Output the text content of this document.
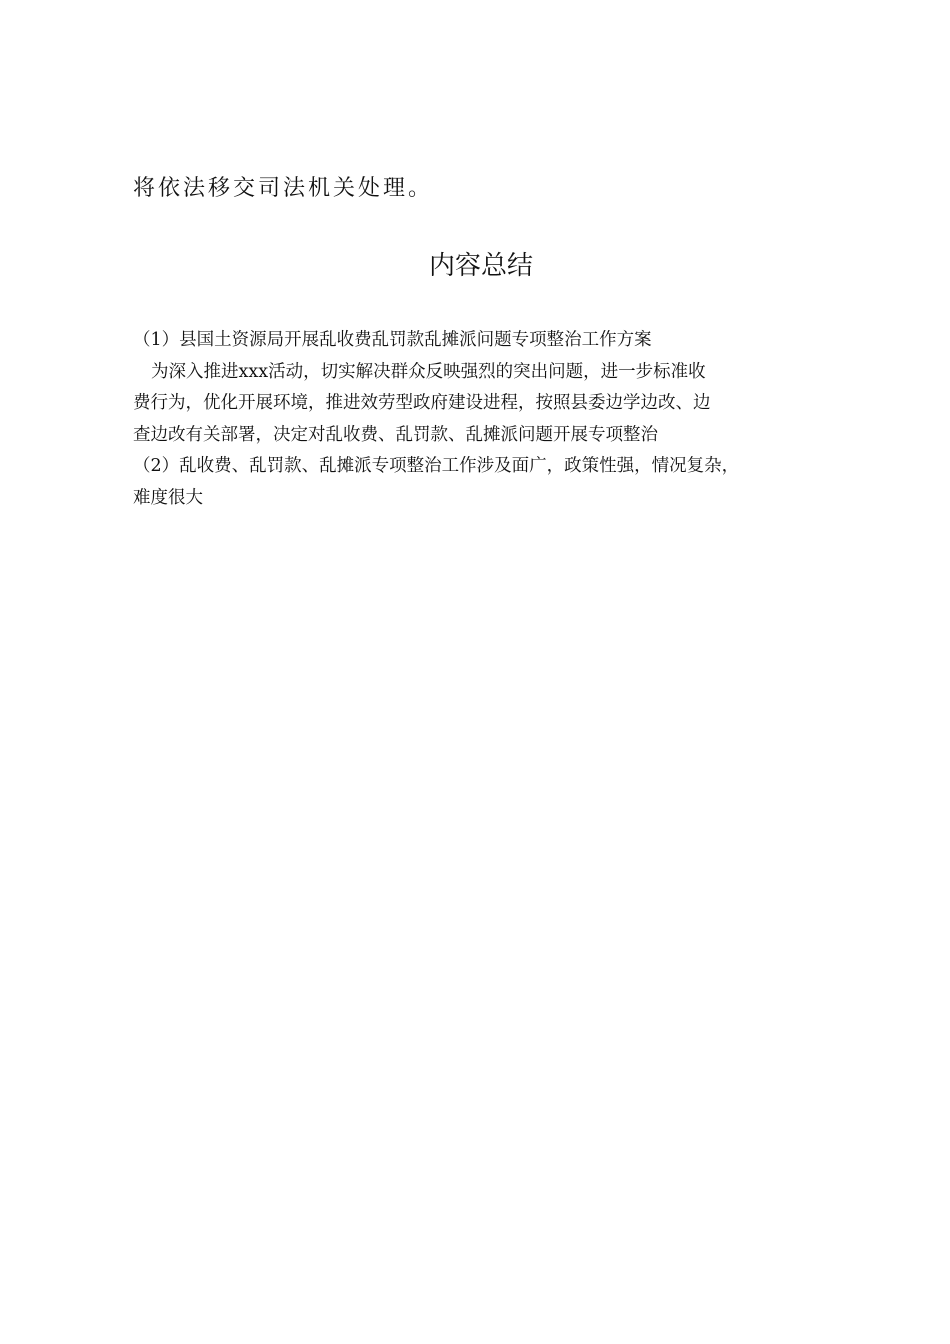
将依法移交司法机关处理。
内容总结
（1）县国土资源局开展乱收费乱罚款乱摊派问题专项整治工作方案
为深入推进xxx活动，切实解决群众反映强烈的突出问题，进一步标准收
费行为，优化开展环境，推进效劳型政府建设进程，按照县委边学边改、边
查边改有关部署，决定对乱收费、乱罚款、乱摊派问题开展专项整治
（2）乱收费、乱罚款、乱摊派专项整治工作涉及面广，政策性强，情况复杂，
难度很大
